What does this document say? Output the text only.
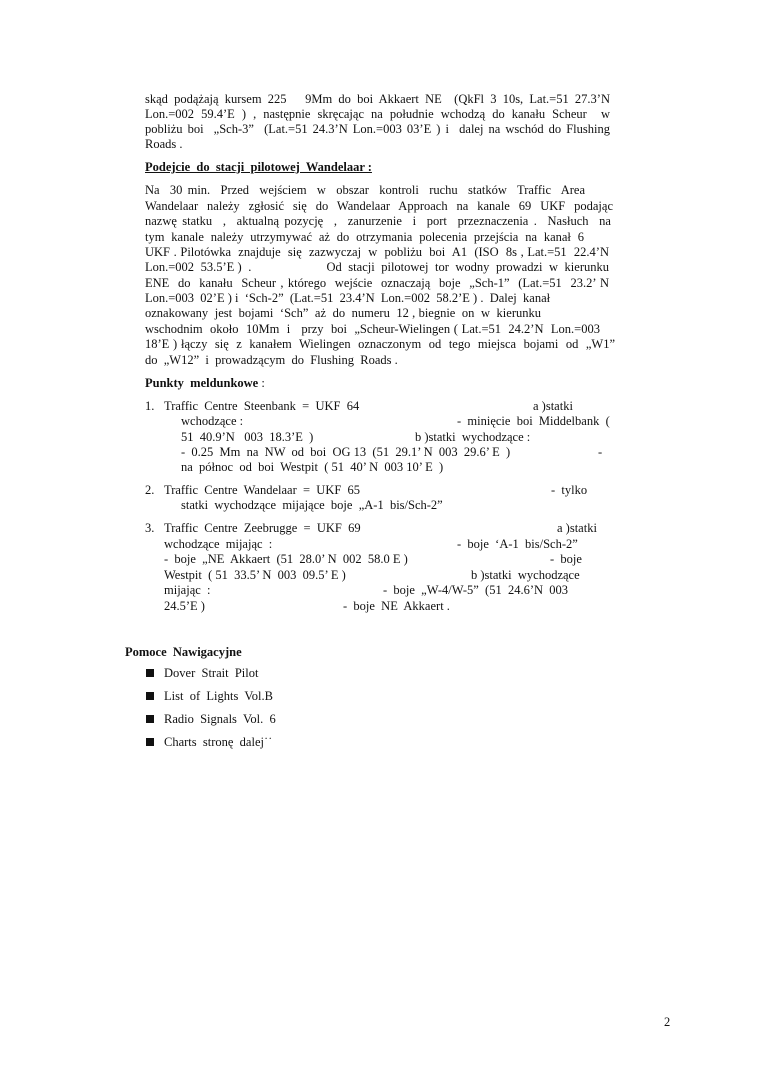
skąd podążają kursem 225   9Mm do boi Akkaert NE  (QkFl 3 10s, Lat.=51 27.3’N
Lon.=002 59.4’E ) , następnie skręcając na południe wchodzą do kanału Scheur  w
pobliżu boi  „Sch-3”  (Lat.=51 24.3’N Lon.=003 03’E ) i  dalej na wschód do Flushing
Roads .
Podejcie  do  stacji  pilotowej  Wandelaar :
Na  30 min.  Przed  wejściem  w  obszar  kontroli  ruchu  statków  Traffic  Area
Wandelaar  należy  zgłosić  się  do  Wandelaar  Approach  na  kanale  69  UKF  podając
nazwę statku  ,  aktualną pozycję  ,  zanurzenie  i  port  przeznaczenia .  Nasłuch  na
tym  kanale  należy  utrzymywać  aż  do  otrzymania  polecenia  przejścia  na  kanał  6
UKF . Pilotówka  znajduje  się  zazwyczaj  w  pobliżu  boi  A1  (ISO  8s , Lat.=51  22.4’N
Lon.=002  53.5’E )  .                       Od  stacji  pilotowej  tor  wodny  prowadzi  w  kierunku
ENE  do  kanału  Scheur , którego  wejście  oznaczają  boje  „Sch-1”  (Lat.=51  23.2’ N
Lon.=003  02’E ) i  ‘Sch-2”  (Lat.=51  23.4’N  Lon.=002  58.2’E ) .  Dalej  kanał
oznakowany  jest  bojami  ‘Sch”  aż  do  numeru  12 , biegnie  on  w  kierunku
wschodnim  około  10Mm  i   przy  boi  „Scheur-Wielingen ( Lat.=51  24.2’N  Lon.=003
18’E ) łączy  się  z  kanałem  Wielingen  oznaczonym  od  tego  miejsca  bojami  od  „W1”
do  „W12”  i  prowadzącym  do  Flushing  Roads .
Punkty  meldunkowe :
1. Traffic  Centre  Steenbank  =  UKF  64	a )statki
wchodzące :	-  minięcie  boi  Middelbank  (
51  40.9’N   003  18.3’E  )	b )statki  wychodzące :
-  0.25  Mm  na  NW  od  boi  OG 13  (51  29.1’ N  003  29.6’ E  )	-
na  północ  od  boi  Westpit  ( 51  40’ N  003 10’ E  )
2. Traffic  Centre  Wandelaar  =  UKF  65	-  tylko
statki  wychodzące  mijające  boje  „A-1  bis/Sch-2”
3. Traffic  Centre  Zeebrugge  =  UKF  69	a )statki
wchodzące  mijając  :	-  boje  ‘A-1  bis/Sch-2”
-  boje  „NE  Akkaert  (51  28.0’ N  002  58.0 E )	-  boje
Westpit  ( 51  33.5’ N  003  09.5’ E )	b )statki  wychodzące
mijając  :	-  boje  „W-4/W-5”  (51  24.6’N  003
24.5’E )	-  boje  NE  Akkaert .
Pomoce  Nawigacyjne
Dover  Strait  Pilot
List  of  Lights  Vol.B
Radio  Signals  Vol.  6
Charts  stronę  dalej˙˙
2
